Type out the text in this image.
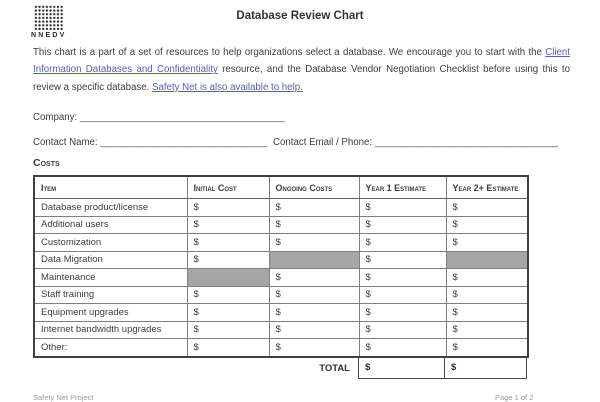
NNEDV
Database Review Chart
This chart is a part of a set of resources to help organizations select a database. We encourage you to start with the Client Information Databases and Confidentiality resource, and the Database Vendor Negotiation Checklist before using this to review a specific database. Safety Net is also available to help.
Company: ______________________________________
Contact Name: _______________________________ Contact Email / Phone: __________________________________
Costs
Item	Initial Cost	Ongoing Costs	Year 1 Estimate	Year 2+ Estimate
Database product/license	$	$	$	$
Additional users	$	$	$	$
Customization	$	$	$	$
Data Migration	$		$	
Maintenance		$	$	$
Staff training	$	$	$	$
Equipment upgrades	$	$	$	$
Internet bandwidth upgrades	$	$	$	$
Other:	$	$	$	$
TOTAL	$	$
Safety Net Project	Page 1 of 2
